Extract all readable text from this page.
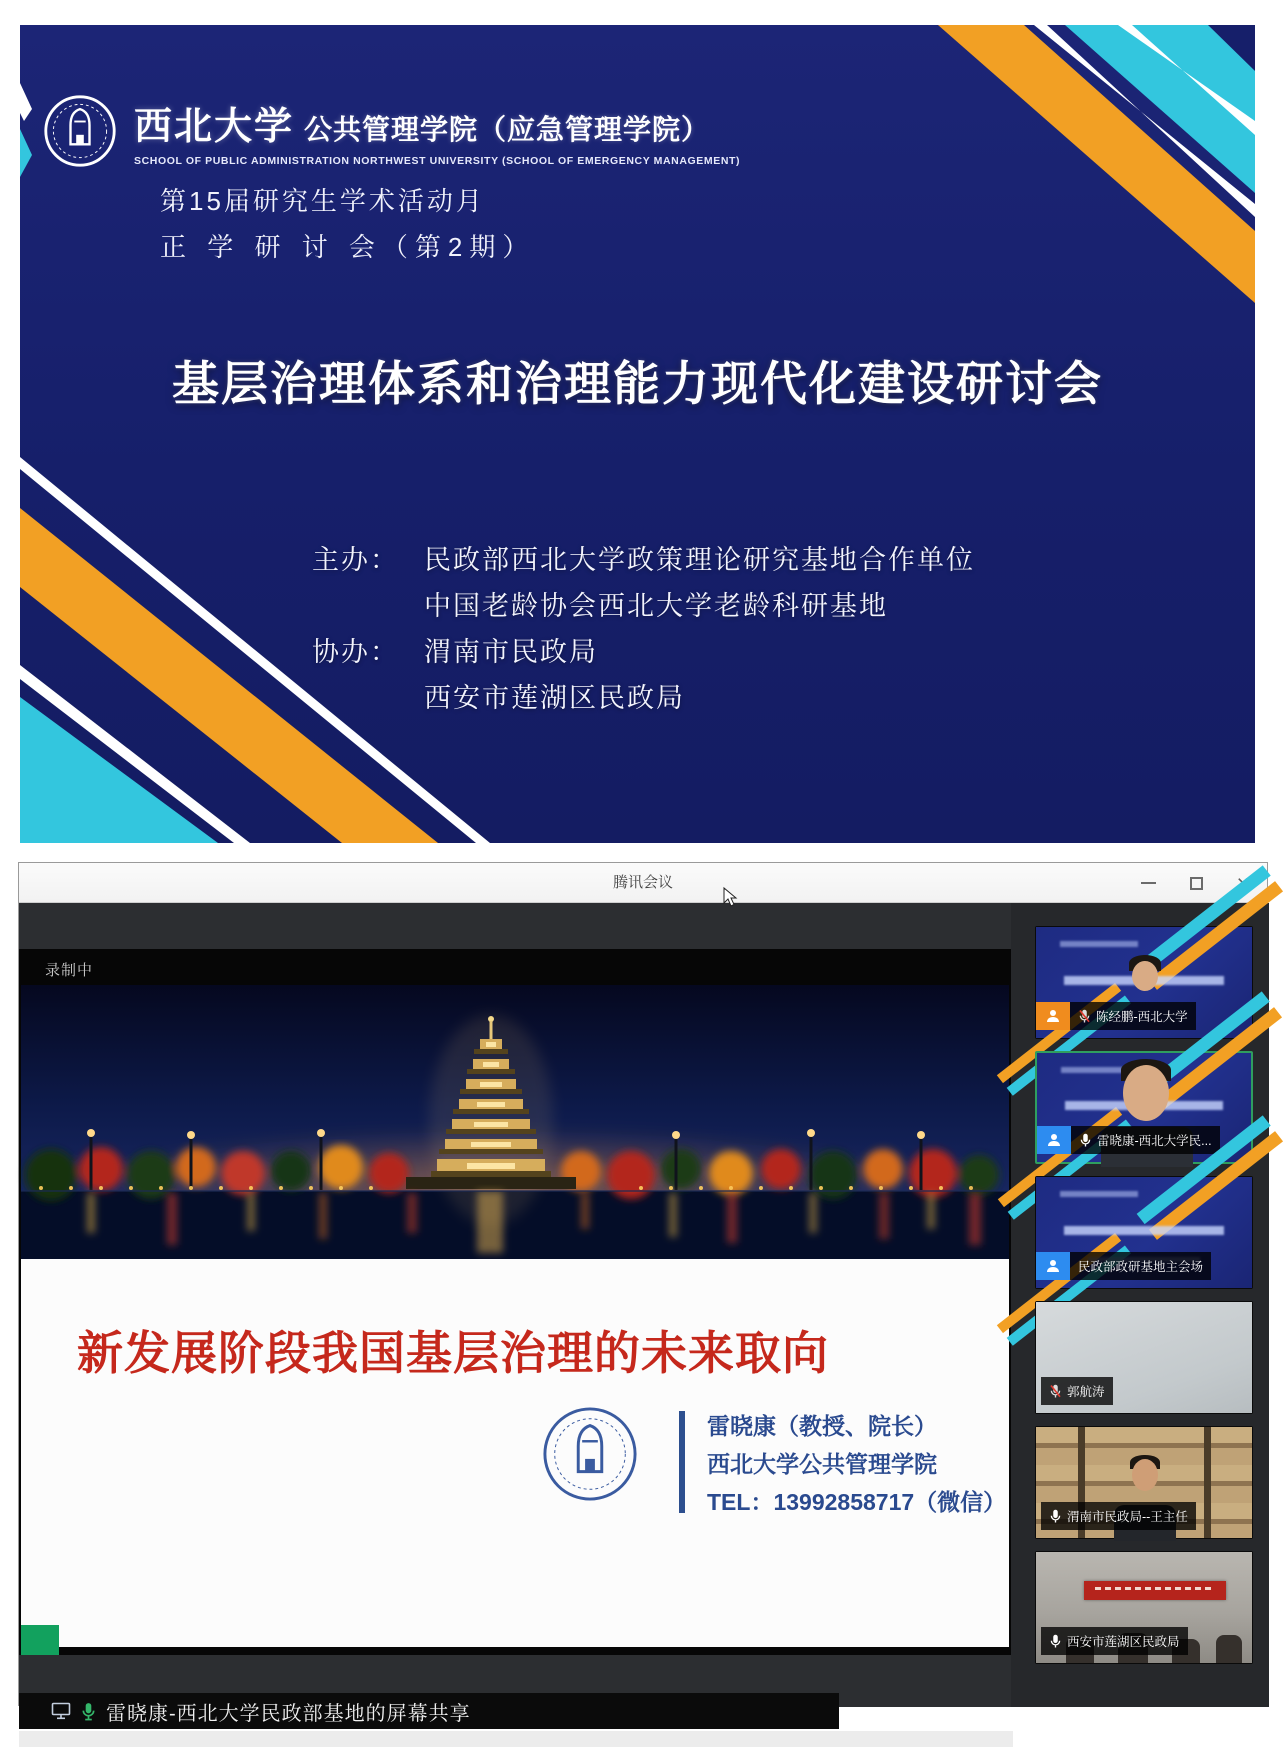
西北大学 公共管理学院（应急管理学院）
SCHOOL OF PUBLIC ADMINISTRATION NORTHWEST UNIVERSITY (SCHOOL OF EMERGENCY MANAGEMENT)
第15届研究生学术活动月
正 学 研 讨 会（第2期）
基层治理体系和治理能力现代化建设研讨会
主办： 民政部西北大学政策理论研究基地合作单位
中国老龄协会西北大学老龄科研基地
协办： 渭南市民政局
西安市莲湖区民政局
腾讯会议	×
录制中
新发展阶段我国基层治理的未来取向
雷晓康（教授、院长）
西北大学公共管理学院
TEL：13992858717（微信）
雷晓康-西北大学民政部基地的屏幕共享
陈经鹏-西北大学
雷晓康-西北大学民...
民政部政研基地主会场
郭航涛
渭南市民政局--王主任
西安市莲湖区民政局
